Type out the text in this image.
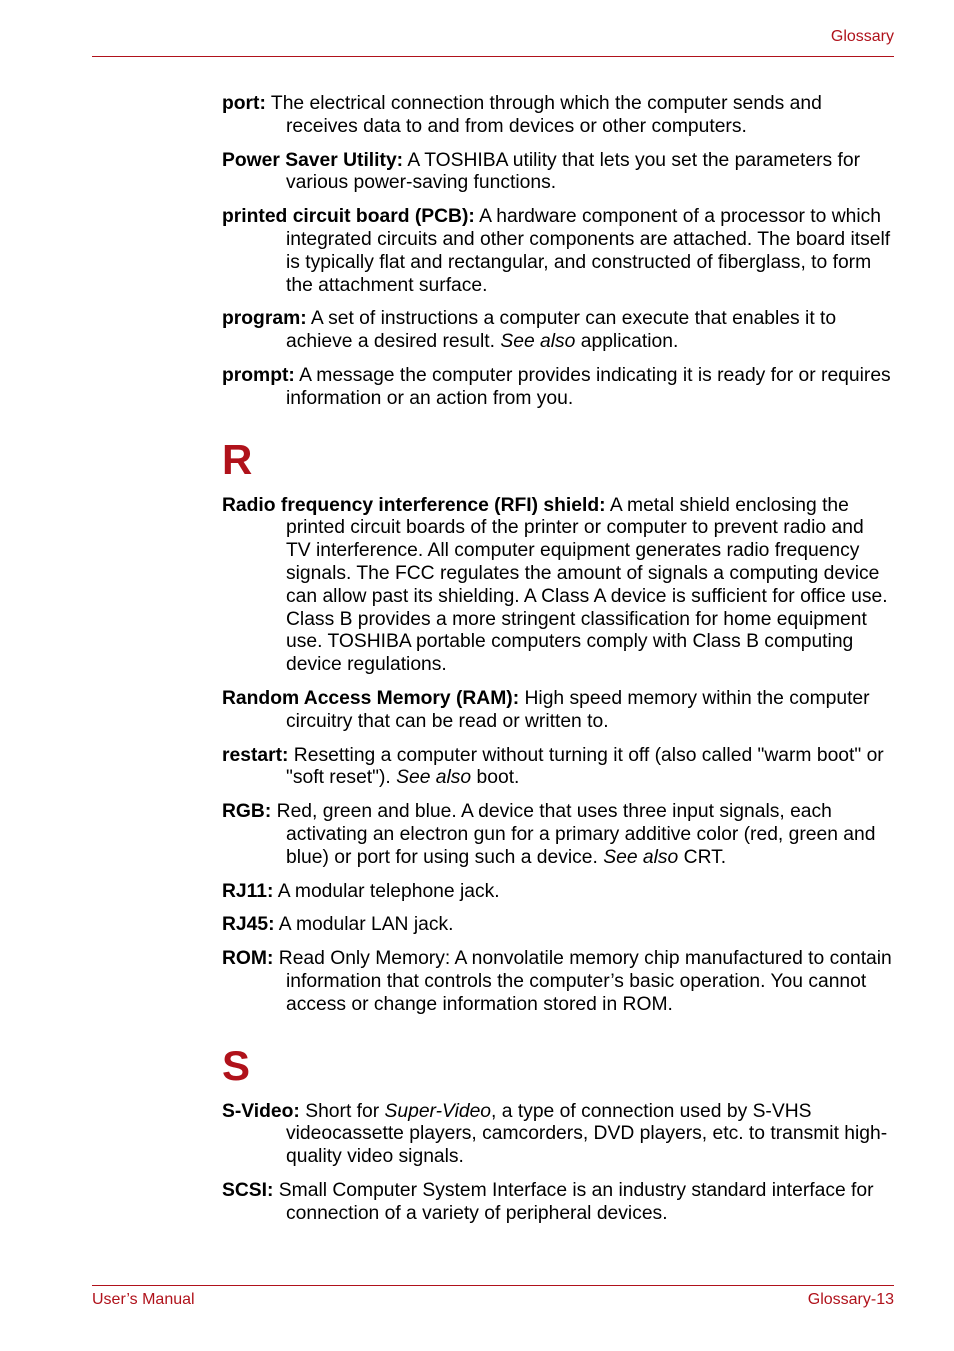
Glossary

port: The electrical connection through which the computer sends and receives data to and from devices or other computers.

Power Saver Utility: A TOSHIBA utility that lets you set the parameters for various power-saving functions.

printed circuit board (PCB): A hardware component of a processor to which integrated circuits and other components are attached. The board itself is typically flat and rectangular, and constructed of fiberglass, to form the attachment surface.

program: A set of instructions a computer can execute that enables it to achieve a desired result. See also application.

prompt: A message the computer provides indicating it is ready for or requires information or an action from you.

R

Radio frequency interference (RFI) shield: A metal shield enclosing the printed circuit boards of the printer or computer to prevent radio and TV interference. All computer equipment generates radio frequency signals. The FCC regulates the amount of signals a computing device can allow past its shielding. A Class A device is sufficient for office use. Class B provides a more stringent classification for home equipment use. TOSHIBA portable computers comply with Class B computing device regulations.

Random Access Memory (RAM): High speed memory within the computer circuitry that can be read or written to.

restart: Resetting a computer without turning it off (also called "warm boot" or "soft reset"). See also boot.

RGB: Red, green and blue. A device that uses three input signals, each activating an electron gun for a primary additive color (red, green and blue) or port for using such a device. See also CRT.

RJ11: A modular telephone jack.

RJ45: A modular LAN jack.

ROM: Read Only Memory: A nonvolatile memory chip manufactured to contain information that controls the computer’s basic operation. You cannot access or change information stored in ROM.

S

S-Video: Short for Super-Video, a type of connection used by S-VHS videocassette players, camcorders, DVD players, etc. to transmit high-quality video signals.

SCSI: Small Computer System Interface is an industry standard interface for connection of a variety of peripheral devices.

User’s Manual	Glossary-13
